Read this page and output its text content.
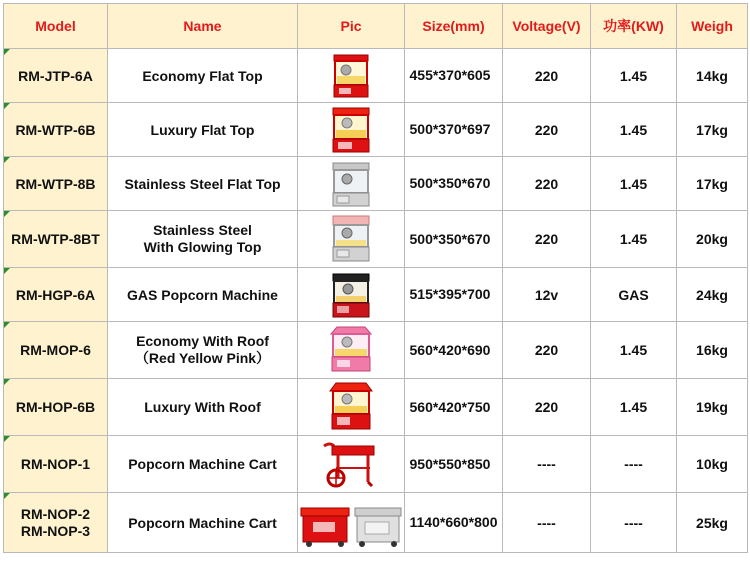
Model	Name	Pic	Size(mm)	Voltage(V)	功率(KW)	Weigh

RM-JTP-6A	Economy Flat Top		455*370*605	220	1.45	14kg

RM-WTP-6B	Luxury Flat Top		500*370*697	220	1.45	17kg

RM-WTP-8B	Stainless Steel Flat Top		500*350*670	220	1.45	17kg

RM-WTP-8BT	Stainless Steel
With Glowing Top		500*350*670	220	1.45	20kg

RM-HGP-6A	GAS Popcorn Machine		515*395*700	12v	GAS	24kg

RM-MOP-6	Economy With Roof
（Red Yellow Pink）		560*420*690	220	1.45	16kg

RM-HOP-6B	Luxury With Roof		560*420*750	220	1.45	19kg

RM-NOP-1	Popcorn Machine Cart		950*550*850	----	----	10kg

RM-NOP-2
RM-NOP-3	Popcorn Machine Cart		1140*660*800	----	----	25kg
